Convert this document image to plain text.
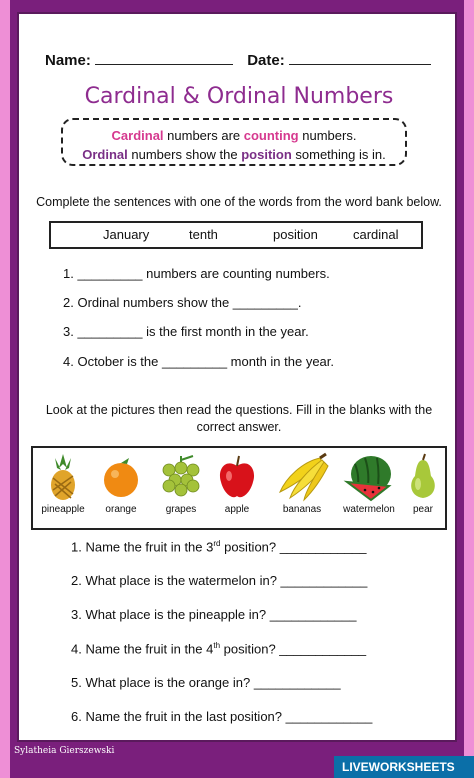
Name:	Date:
Cardinal & Ordinal Numbers
Cardinal numbers are counting numbers.
Ordinal numbers show the position something is in.
Complete the sentences with one of the words from the word bank below.
January	tenth	position	cardinal
1. _________ numbers are counting numbers.
2. Ordinal numbers show the _________.
3. _________ is the first month in the year.
4. October is the _________ month in the year.
Look at the pictures then read the questions. Fill in the blanks with the correct answer.
pineapple	orange	grapes	apple	bananas	watermelon	pear
1. Name the fruit in the 3rd position? ____________
2. What place is the watermelon in? ____________
3. What place is the pineapple in? ____________
4. Name the fruit in the 4th position? ____________
5. What place is the orange in? ____________
6. Name the fruit in the last position? ____________
Sylatheia Gierszewski
LIVEWORKSHEETS
